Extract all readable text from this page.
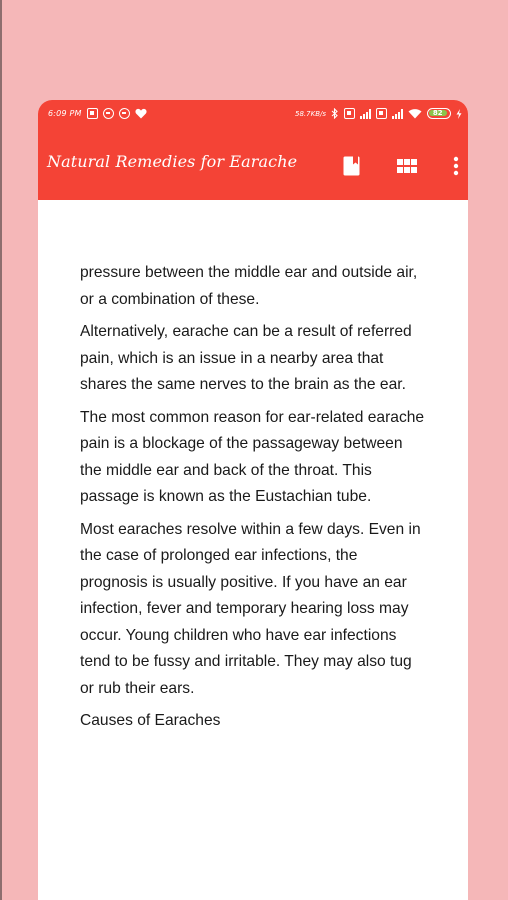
6:09 PM	58.7KB/s	82
Natural Remedies for Earache

pressure between the middle ear and outside air, or a combination of these.

Alternatively, earache can be a result of referred pain, which is an issue in a nearby area that shares the same nerves to the brain as the ear.

The most common reason for ear-related earache pain is a blockage of the passageway between the middle ear and back of the throat. This passage is known as the Eustachian tube.

Most earaches resolve within a few days. Even in the case of prolonged ear infections, the prognosis is usually positive. If you have an ear infection, fever and temporary hearing loss may occur. Young children who have ear infections tend to be fussy and irritable. They may also tug or rub their ears.

Causes of Earaches
